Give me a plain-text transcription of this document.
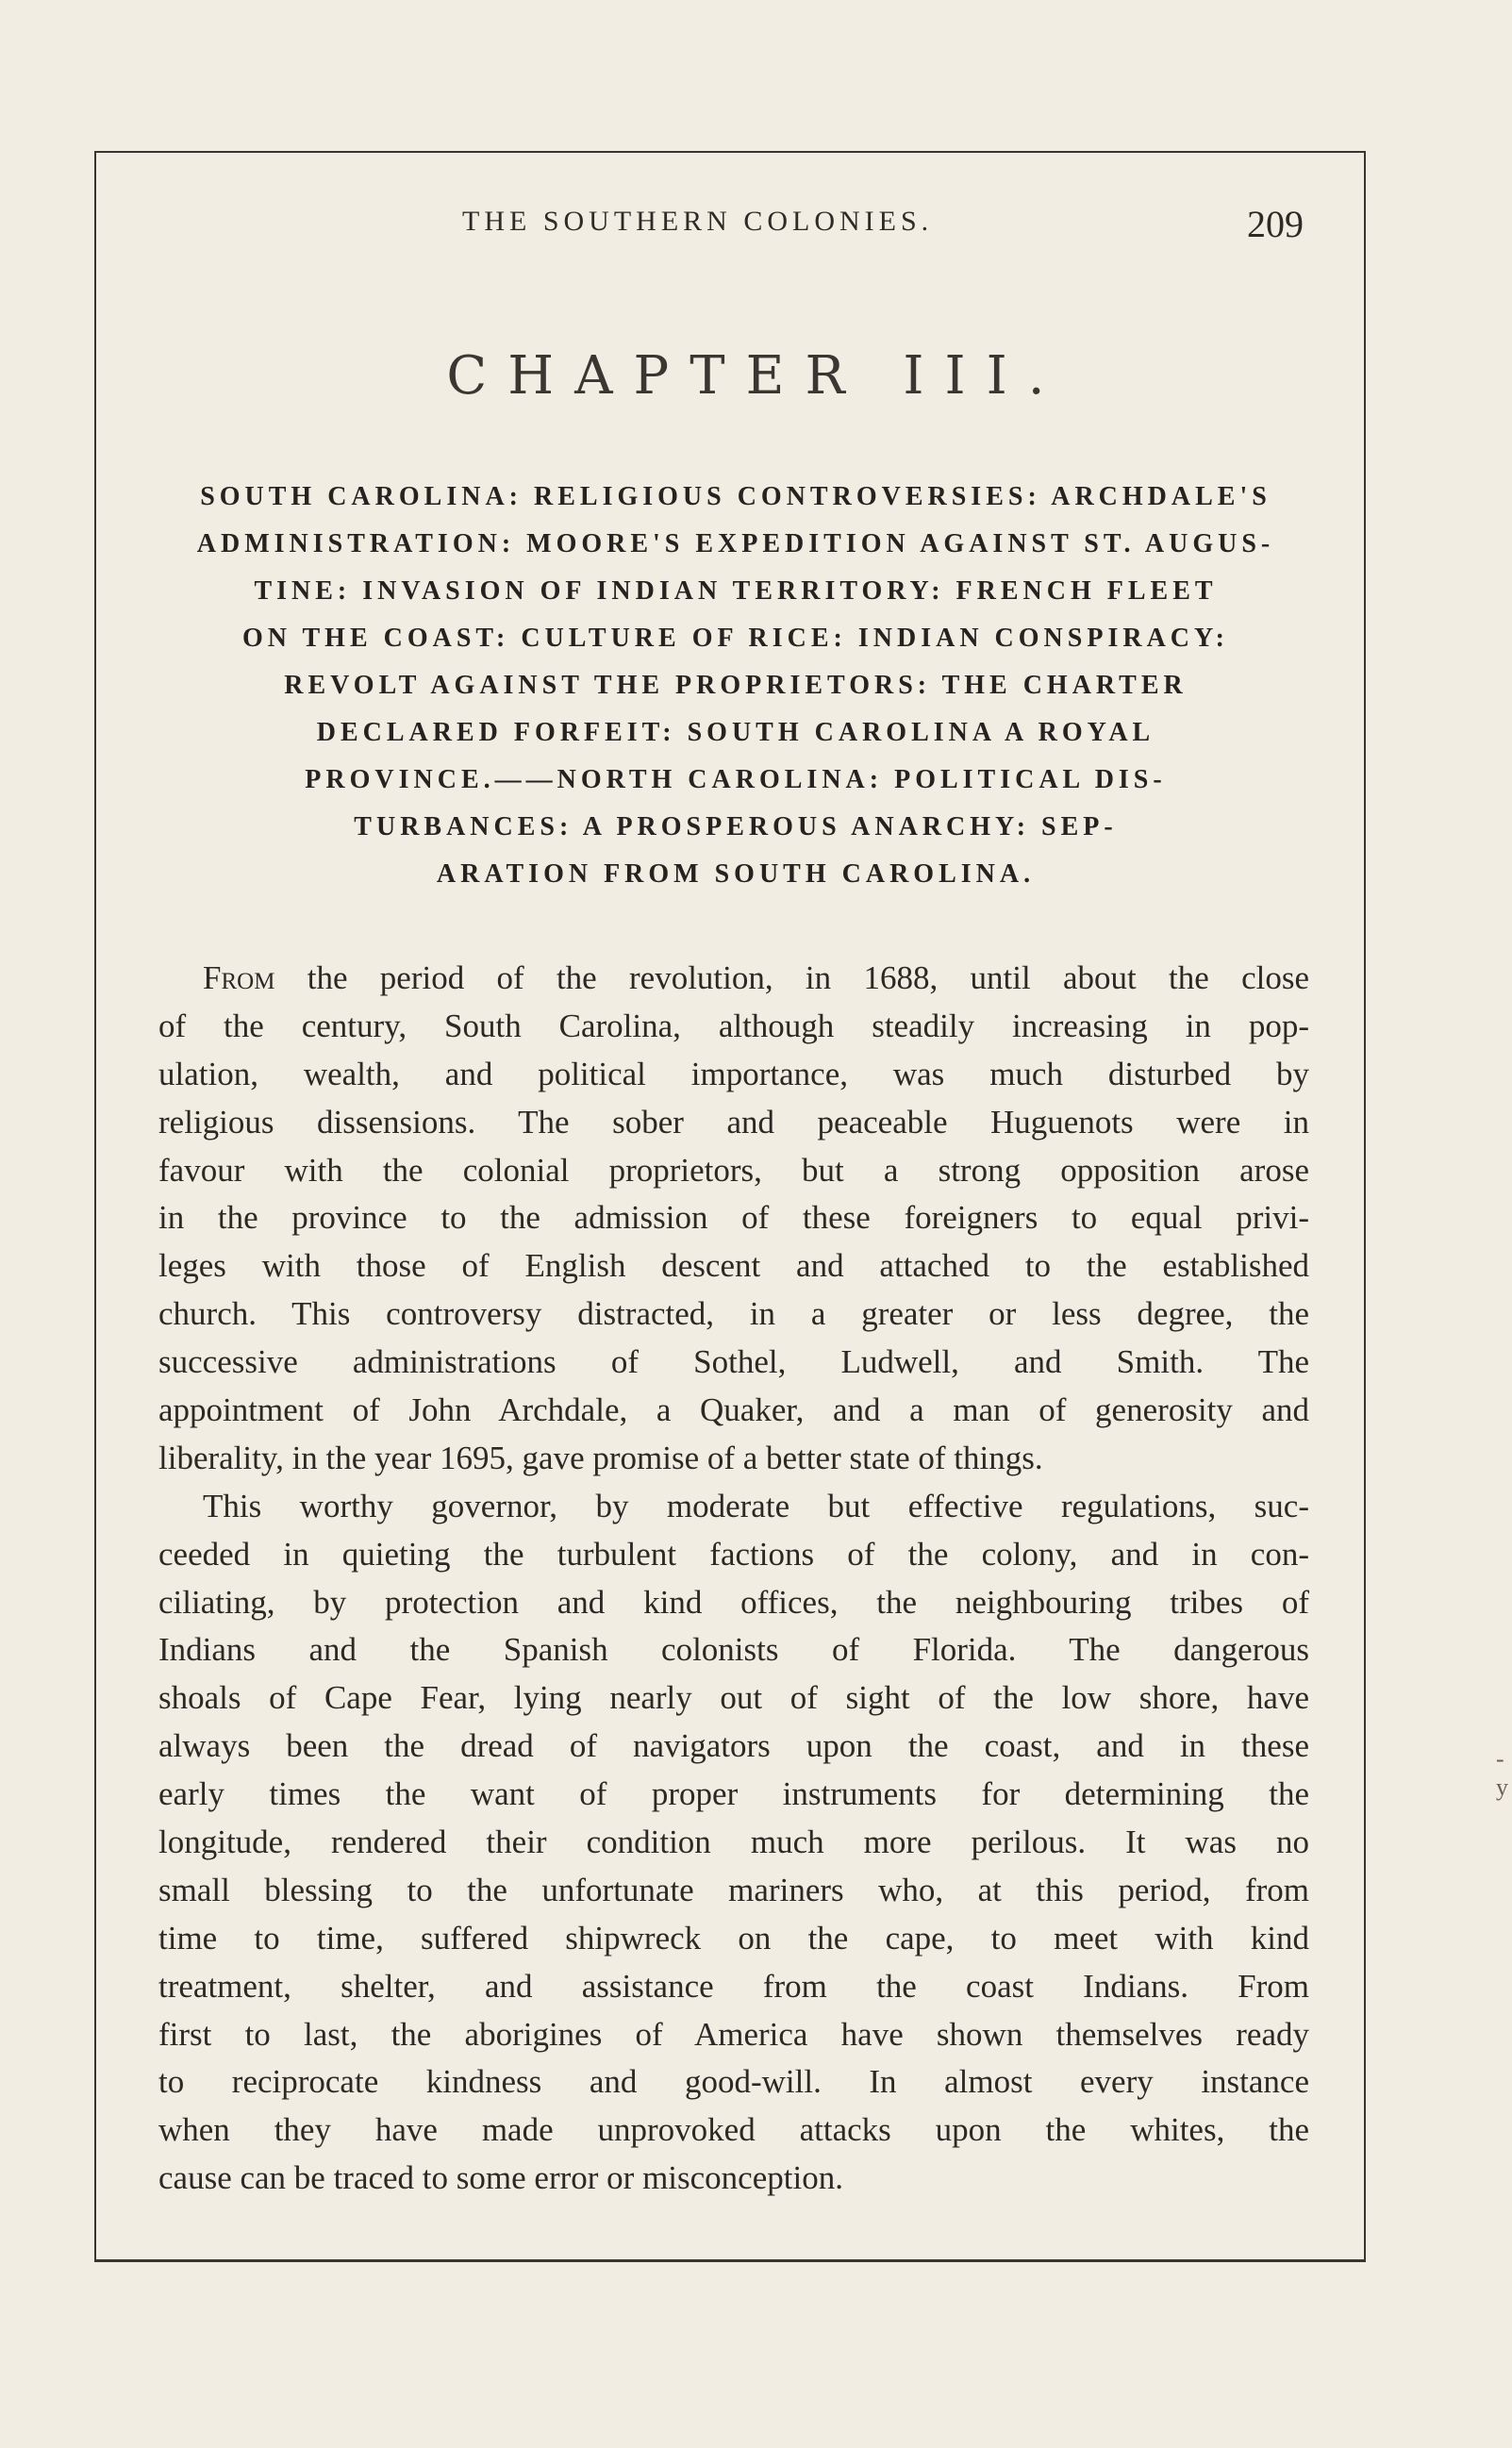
THE SOUTHERN COLONIES.	209
CHAPTER III.
SOUTH CAROLINA: RELIGIOUS CONTROVERSIES: ARCHDALE'S
ADMINISTRATION: MOORE'S EXPEDITION AGAINST ST. AUGUS-
TINE: INVASION OF INDIAN TERRITORY: FRENCH FLEET
ON THE COAST: CULTURE OF RICE: INDIAN CONSPIRACY:
REVOLT AGAINST THE PROPRIETORS: THE CHARTER
DECLARED FORFEIT: SOUTH CAROLINA A ROYAL
PROVINCE.——NORTH CAROLINA: POLITICAL DIS-
TURBANCES: A PROSPEROUS ANARCHY: SEP-
ARATION FROM SOUTH CAROLINA.
From the period of the revolution, in 1688, until about the close
of the century, South Carolina, although steadily increasing in pop-
ulation, wealth, and political importance, was much disturbed by
religious dissensions. The sober and peaceable Huguenots were in
favour with the colonial proprietors, but a strong opposition arose
in the province to the admission of these foreigners to equal privi-
leges with those of English descent and attached to the established
church. This controversy distracted, in a greater or less degree, the
successive administrations of Sothel, Ludwell, and Smith. The
appointment of John Archdale, a Quaker, and a man of generosity and
liberality, in the year 1695, gave promise of a better state of things.
This worthy governor, by moderate but effective regulations, suc-
ceeded in quieting the turbulent factions of the colony, and in con-
ciliating, by protection and kind offices, the neighbouring tribes of
Indians and the Spanish colonists of Florida. The dangerous
shoals of Cape Fear, lying nearly out of sight of the low shore, have
always been the dread of navigators upon the coast, and in these
early times the want of proper instruments for determining the
longitude, rendered their condition much more perilous. It was no
small blessing to the unfortunate mariners who, at this period, from
time to time, suffered shipwreck on the cape, to meet with kind
treatment, shelter, and assistance from the coast Indians. From
first to last, the aborigines of America have shown themselves ready
to reciprocate kindness and good-will. In almost every instance
when they have made unprovoked attacks upon the whites, the
cause can be traced to some error or misconception.
-y
